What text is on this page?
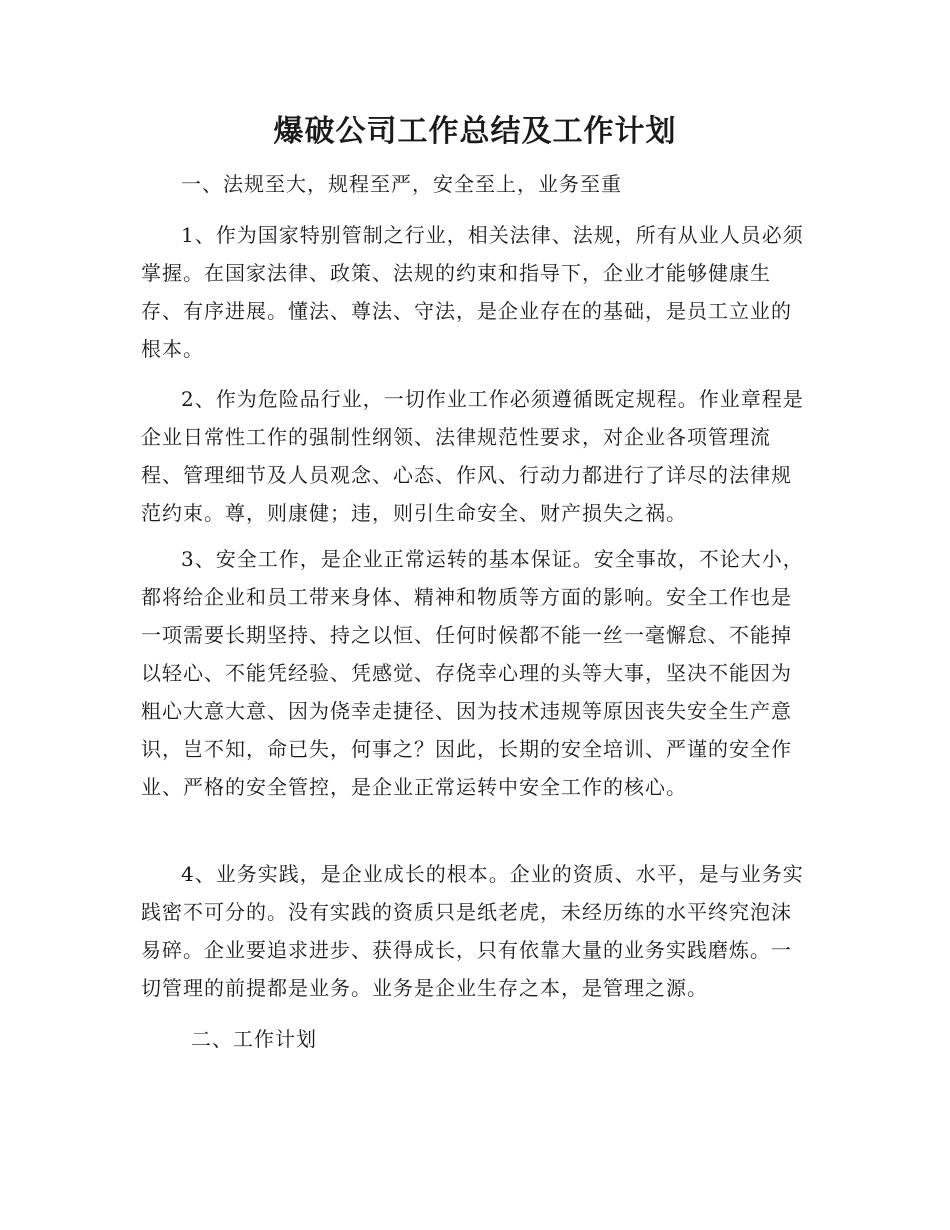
爆破公司工作总结及工作计划

一、法规至大，规程至严，安全至上，业务至重

1、作为国家特别管制之行业，相关法律、法规，所有从业人员必须掌握。在国家法律、政策、法规的约束和指导下，企业才能够健康生存、有序进展。懂法、尊法、守法，是企业存在的基础，是员工立业的根本。

2、作为危险品行业，一切作业工作必须遵循既定规程。作业章程是企业日常性工作的强制性纲领、法律规范性要求，对企业各项管理流程、管理细节及人员观念、心态、作风、行动力都进行了详尽的法律规范约束。尊，则康健；违，则引生命安全、财产损失之祸。

3、安全工作，是企业正常运转的基本保证。安全事故，不论大小，都将给企业和员工带来身体、精神和物质等方面的影响。安全工作也是一项需要长期坚持、持之以恒、任何时候都不能一丝一毫懈怠、不能掉以轻心、不能凭经验、凭感觉、存侥幸心理的头等大事，坚决不能因为粗心大意大意、因为侥幸走捷径、因为技术违规等原因丧失安全生产意识，岂不知，命已失，何事之？因此，长期的安全培训、严谨的安全作业、严格的安全管控，是企业正常运转中安全工作的核心。

4、业务实践，是企业成长的根本。企业的资质、水平，是与业务实践密不可分的。没有实践的资质只是纸老虎，未经历练的水平终究泡沫易碎。企业要追求进步、获得成长，只有依靠大量的业务实践磨炼。一切管理的前提都是业务。业务是企业生存之本，是管理之源。

二、工作计划
